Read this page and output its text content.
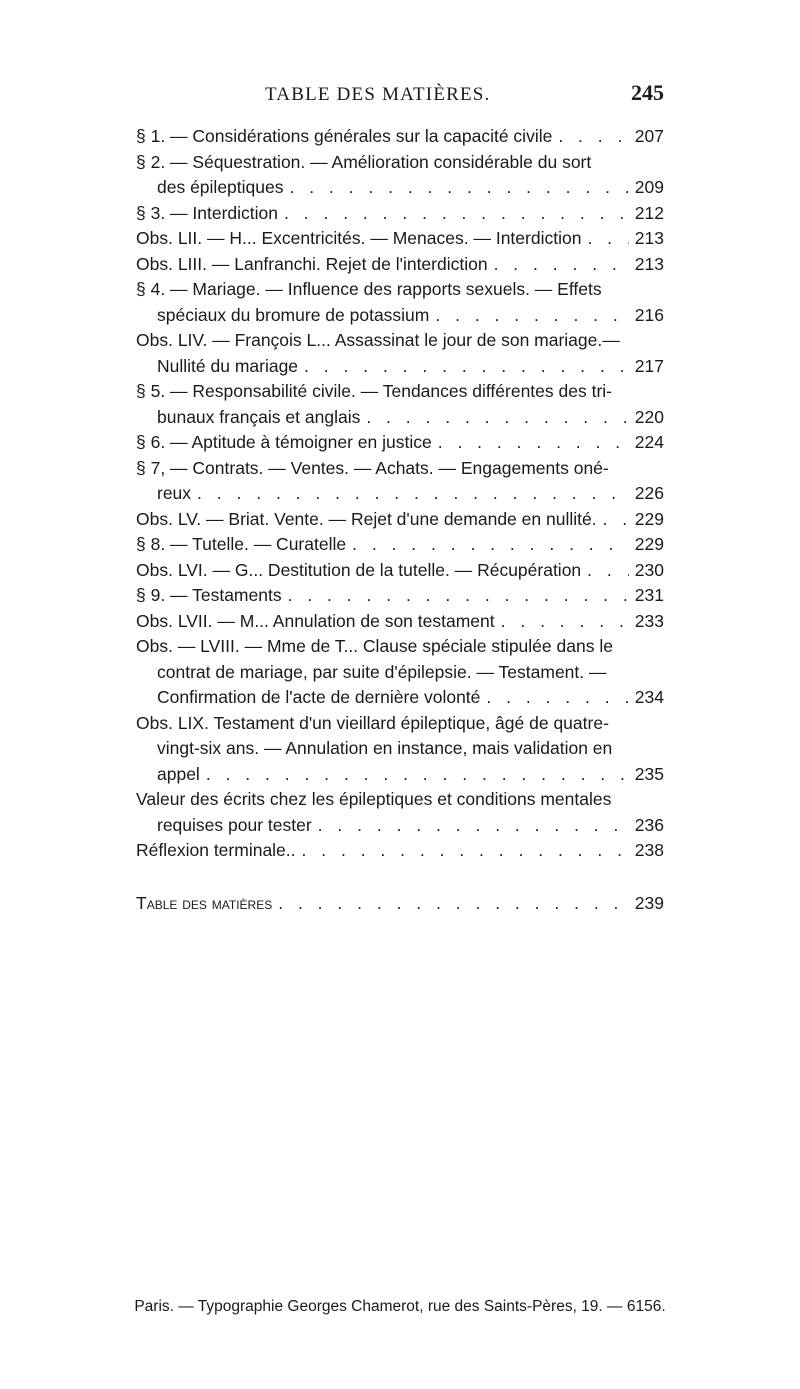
TABLE DES MATIÈRES.	245
§ 1. — Considérations générales sur la capacité civile . . .	207
§ 2. — Séquestration. — Amélioration considérable du sort
des épileptiques . . .	209
§ 3. — Interdiction . . .	212
Obs. LII. — H... Excentricités. — Menaces. — Interdiction . . .	213
Obs. LIII. — Lanfranchi. Rejet de l'interdiction . . .	213
§ 4. — Mariage. — Influence des rapports sexuels. — Effets
spéciaux du bromure de potassium . . .	216
Obs. LIV. — François L... Assassinat le jour de son mariage.—
Nullité du mariage . . .	217
§ 5. — Responsabilité civile. — Tendances différentes des tri-
bunaux français et anglais . . .	220
§ 6. — Aptitude à témoigner en justice . . .	224
§ 7, — Contrats. — Ventes. — Achats. — Engagements oné-
reux . . .	226
Obs. LV. — Briat. Vente. — Rejet d'une demande en nullité. . . . 229
§ 8. — Tutelle. — Curatelle . . .	229
Obs. LVI. — G... Destitution de la tutelle. — Récupération . . .	230
§ 9. — Testaments . . .	231
Obs. LVII. — M... Annulation de son testament . . .	233
Obs. — LVIII. — Mme de T... Clause spéciale stipulée dans le
contrat de mariage, par suite d'épilepsie. — Testament. —
Confirmation de l'acte de dernière volonté . . .	234
Obs. LIX. Testament d'un vieillard épileptique, âgé de quatre-
vingt-six ans. — Annulation en instance, mais validation en
appel . . .	235
Valeur des écrits chez les épileptiques et conditions mentales
requises pour tester . . .	236
Réflexion terminale.. . . .	238
Table des matières . . .	239
Paris. — Typographie Georges Chamerot, rue des Saints-Pères, 19. — 6156.
